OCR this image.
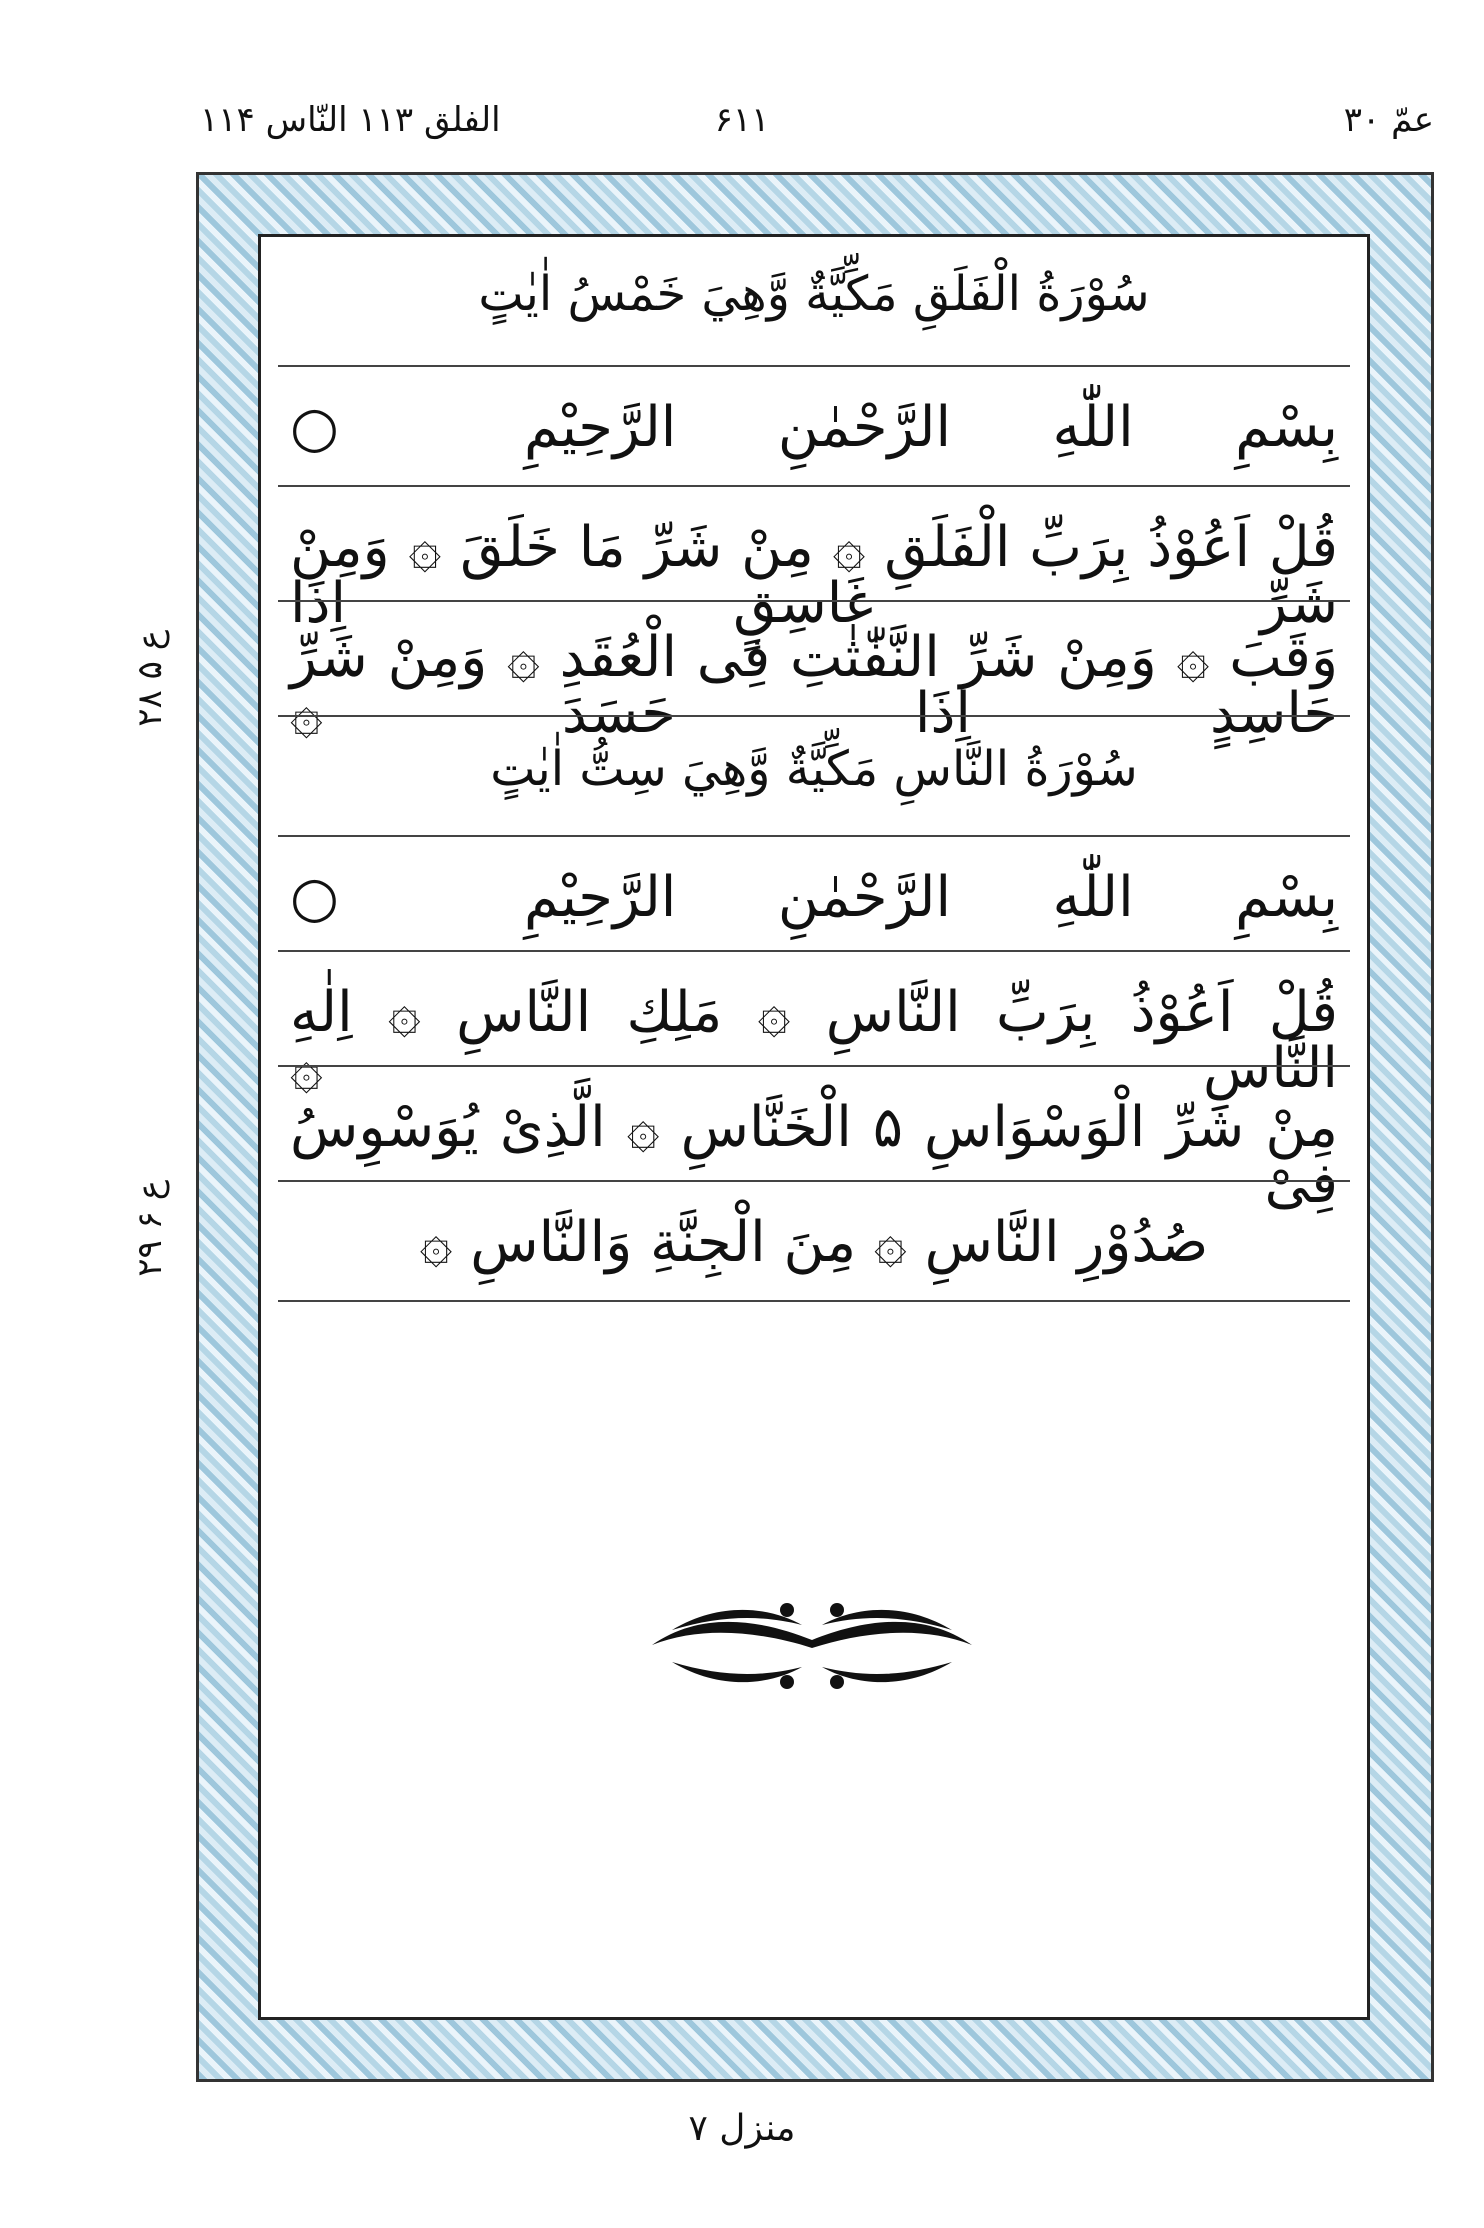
عمّ ۳۰
۶۱۱
الفلق ۱۱۳ النّاس ۱۱۴
ع ۵ ۲۸
ع ۶ ۲۹
سُوْرَةُ الْفَلَقِ مَكِّيَّةٌ وَّهِيَ خَمْسُ اٰيٰتٍ
بِسْمِ اللّٰهِ الرَّحْمٰنِ الرَّحِيْمِ ○
قُلْ اَعُوْذُ بِرَبِّ الْفَلَقِ ۞ مِنْ شَرِّ مَا خَلَقَ ۞ وَمِنْ شَرِّ غَاسِقٍ اِذَا
وَقَبَ ۞ وَمِنْ شَرِّ النَّفّٰثٰتِ فِى الْعُقَدِ ۞ وَمِنْ شَرِّ حَاسِدٍ اِذَا حَسَدَ ۞
سُوْرَةُ النَّاسِ مَكِّيَّةٌ وَّهِيَ سِتُّ اٰيٰتٍ
بِسْمِ اللّٰهِ الرَّحْمٰنِ الرَّحِيْمِ ○
قُلْ اَعُوْذُ بِرَبِّ النَّاسِ ۞ مَلِكِ النَّاسِ ۞ اِلٰهِ النَّاسِ ۞
مِنْ شَرِّ الْوَسْوَاسِ ۵ الْخَنَّاسِ ۞ الَّذِىْ يُوَسْوِسُ فِىْ
صُدُوْرِ النَّاسِ ۞ مِنَ الْجِنَّةِ وَالنَّاسِ ۞
منزل ۷
